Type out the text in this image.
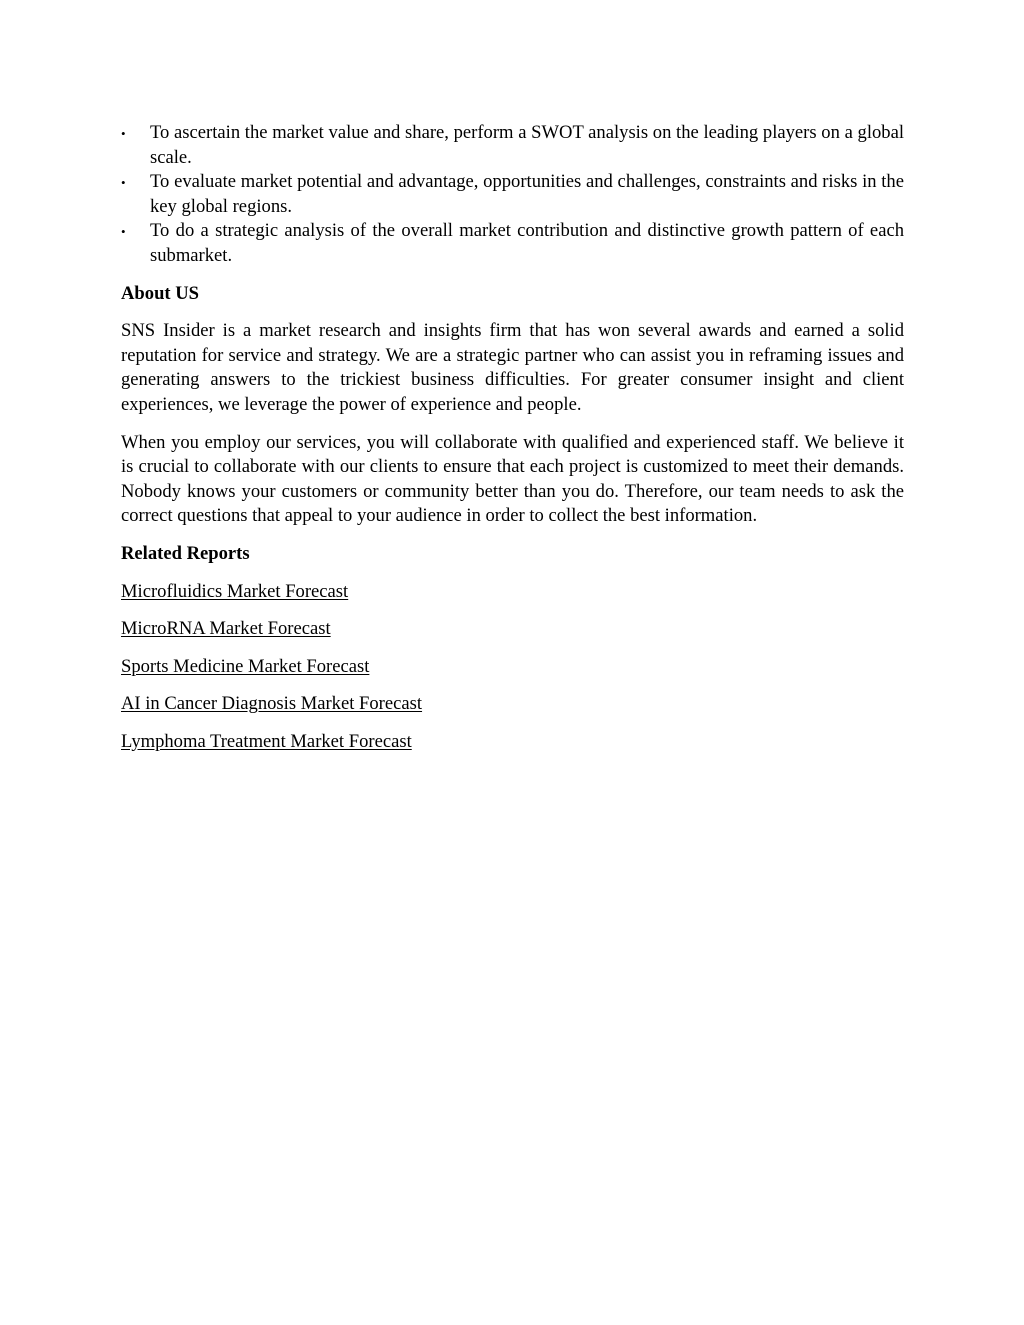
•	To ascertain the market value and share, perform a SWOT analysis on the leading players on a global scale.
•	To evaluate market potential and advantage, opportunities and challenges, constraints and risks in the key global regions.
•	To do a strategic analysis of the overall market contribution and distinctive growth pattern of each submarket.
About US

SNS Insider is a market research and insights firm that has won several awards and earned a solid reputation for service and strategy. We are a strategic partner who can assist you in reframing issues and generating answers to the trickiest business difficulties. For greater consumer insight and client experiences, we leverage the power of experience and people.

When you employ our services, you will collaborate with qualified and experienced staff. We believe it is crucial to collaborate with our clients to ensure that each project is customized to meet their demands. Nobody knows your customers or community better than you do. Therefore, our team needs to ask the correct questions that appeal to your audience in order to collect the best information.

Related Reports
Microfluidics Market Forecast
MicroRNA Market Forecast
Sports Medicine Market Forecast
AI in Cancer Diagnosis Market Forecast
Lymphoma Treatment Market Forecast
